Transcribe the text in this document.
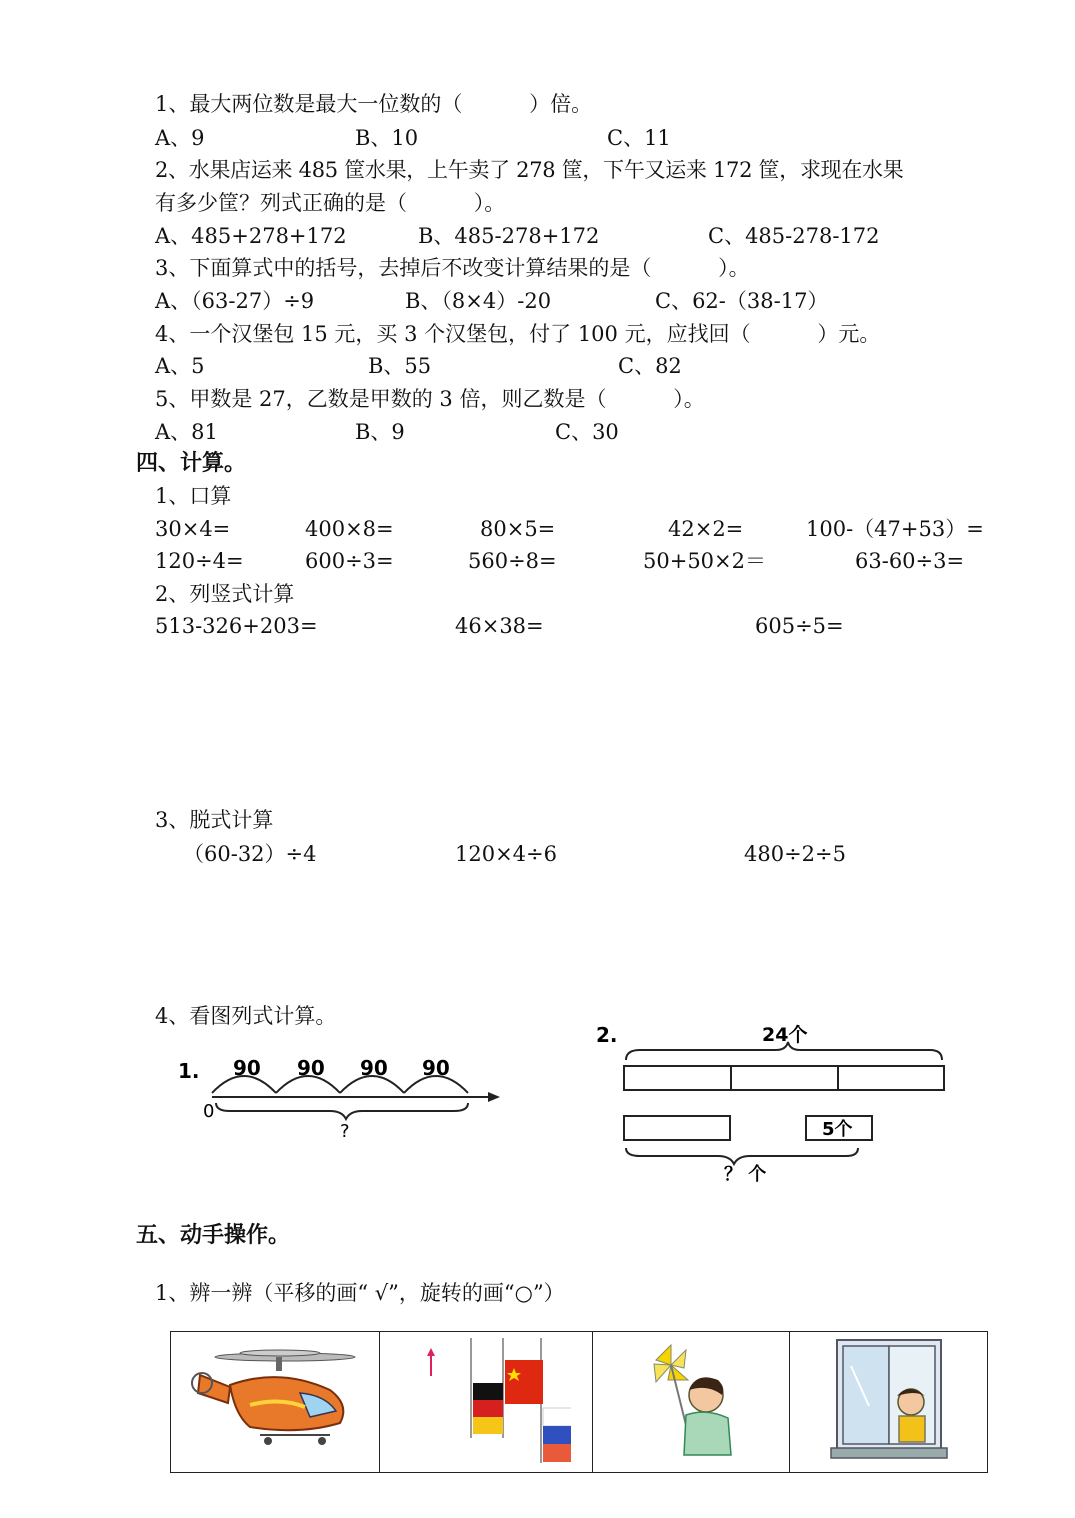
1、最大两位数是最大一位数的（          ）倍。
A、9	B、10	C、11
2、水果店运来 485 筐水果，上午卖了 278 筐，下午又运来 172 筐，求现在水果
有多少筐？列式正确的是（          ）。
A、485+278+172	B、485-278+172	C、485-278-172
3、下面算式中的括号，去掉后不改变计算结果的是（          ）。
A、（63-27）÷9	B、（8×4）-20	C、62-（38-17）
4、一个汉堡包 15 元，买 3 个汉堡包，付了 100 元，应找回（          ）元。
A、5	B、55	C、82
5、甲数是 27，乙数是甲数的 3 倍，则乙数是（          ）。
A、81	B、9	C、30
四、计算。
1、口算
30×4=	400×8=	80×5=	42×2=	100-（47+53）=
120÷4=	600÷3=	560÷8=	50+50×2＝	63-60÷3=
2、列竖式计算
513-326+203=	46×38=	605÷5=
3、脱式计算
（60-32）÷4	120×4÷6	480÷2÷5
4、看图列式计算。
1. 90 90 90 90
0
?
2.	24个
5个
？ 个
五、动手操作。
1、辨一辨（平移的画“ √”，旋转的画“○”）
